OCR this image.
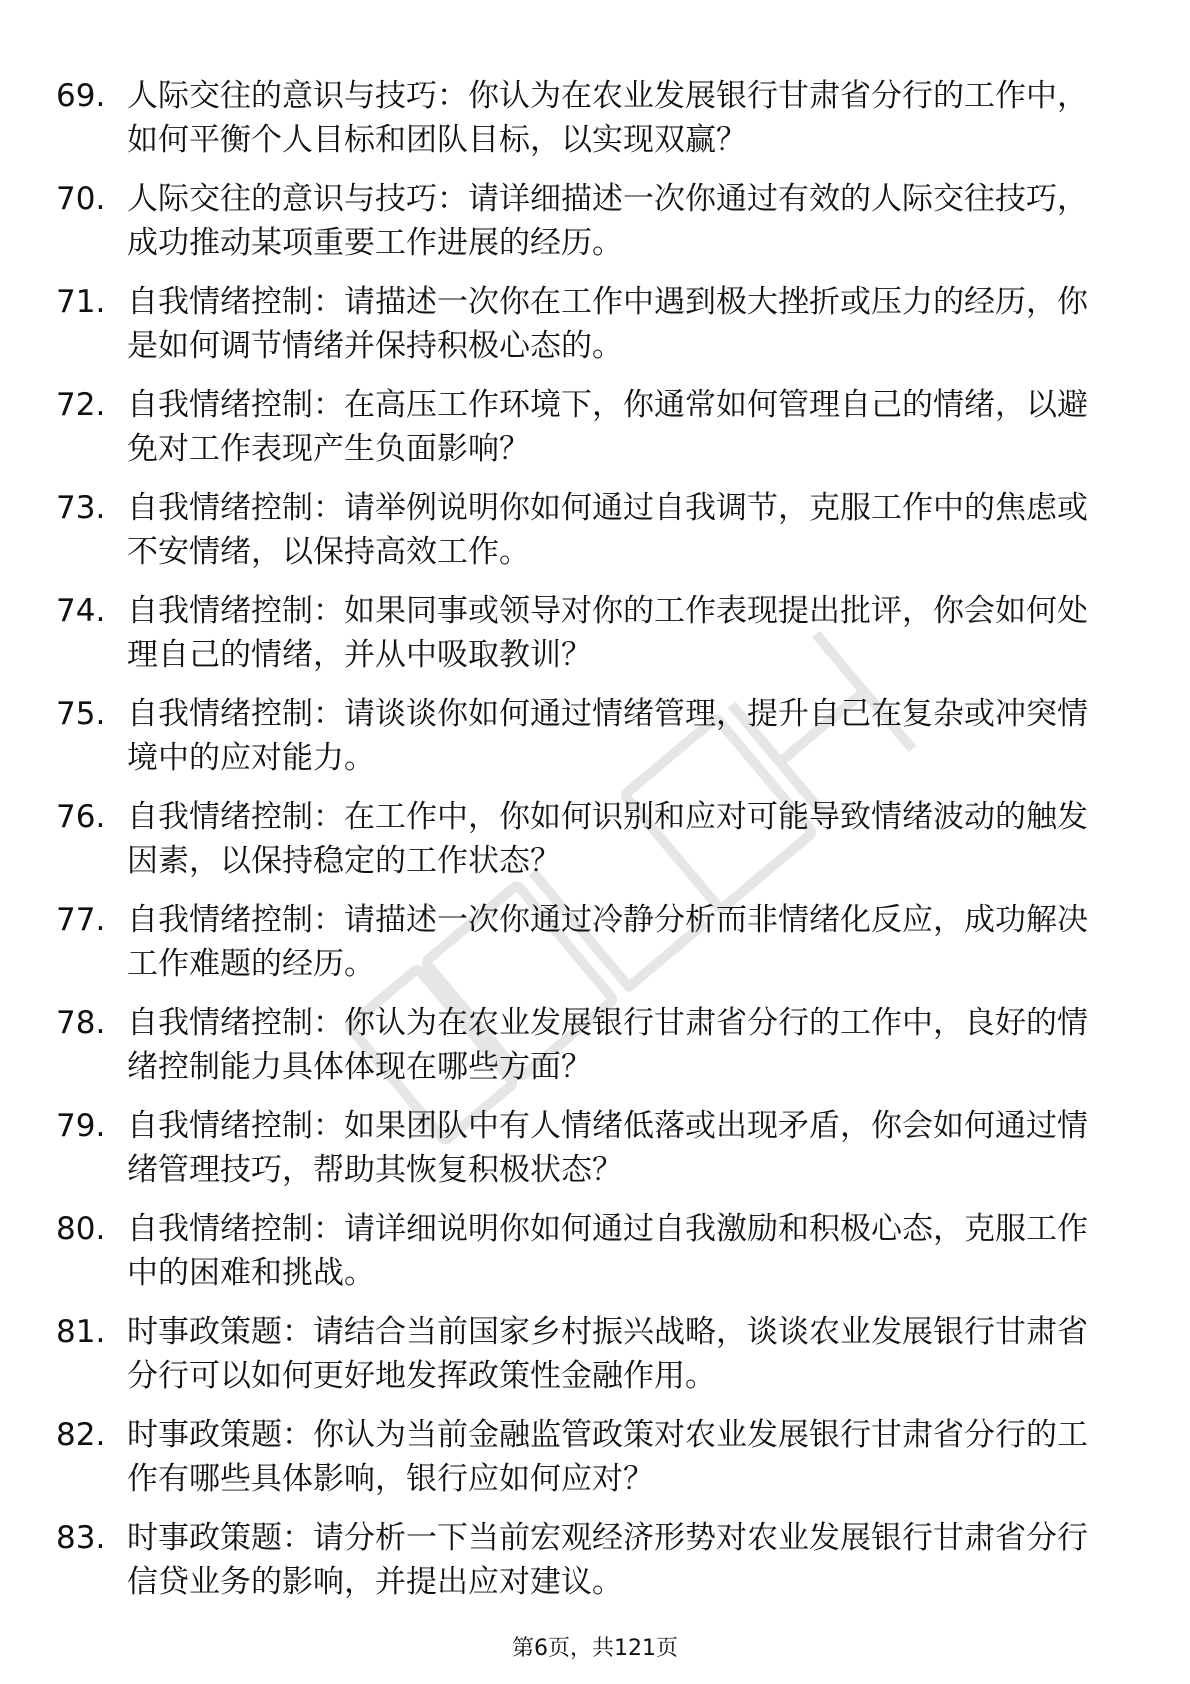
69. 人际交往的意识与技巧：你认为在农业发展银行甘肃省分行的工作中，如何平衡个人目标和团队目标，以实现双赢？
70. 人际交往的意识与技巧：请详细描述一次你通过有效的人际交往技巧，成功推动某项重要工作进展的经历。
71. 自我情绪控制：请描述一次你在工作中遇到极大挫折或压力的经历，你是如何调节情绪并保持积极心态的。
72. 自我情绪控制：在高压工作环境下，你通常如何管理自己的情绪，以避免对工作表现产生负面影响？
73. 自我情绪控制：请举例说明你如何通过自我调节，克服工作中的焦虑或不安情绪，以保持高效工作。
74. 自我情绪控制：如果同事或领导对你的工作表现提出批评，你会如何处理自己的情绪，并从中吸取教训？
75. 自我情绪控制：请谈谈你如何通过情绪管理，提升自己在复杂或冲突情境中的应对能力。
76. 自我情绪控制：在工作中，你如何识别和应对可能导致情绪波动的触发因素，以保持稳定的工作状态？
77. 自我情绪控制：请描述一次你通过冷静分析而非情绪化反应，成功解决工作难题的经历。
78. 自我情绪控制：你认为在农业发展银行甘肃省分行的工作中，良好的情绪控制能力具体体现在哪些方面？
79. 自我情绪控制：如果团队中有人情绪低落或出现矛盾，你会如何通过情绪管理技巧，帮助其恢复积极状态？
80. 自我情绪控制：请详细说明你如何通过自我激励和积极心态，克服工作中的困难和挑战。
81. 时事政策题：请结合当前国家乡村振兴战略，谈谈农业发展银行甘肃省分行可以如何更好地发挥政策性金融作用。
82. 时事政策题：你认为当前金融监管政策对农业发展银行甘肃省分行的工作有哪些具体影响，银行应如何应对？
83. 时事政策题：请分析一下当前宏观经济形势对农业发展银行甘肃省分行信贷业务的影响，并提出应对建议。
第6页，共121页
